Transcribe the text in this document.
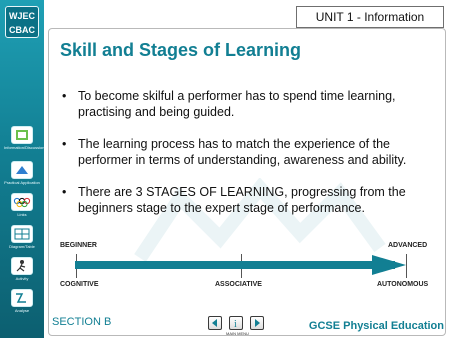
WJEC
CBAC
Information/Discussion
Practical Application
Links
Diagram/Table
Activity
Analyse
UNIT 1 - Information
Skill and Stages of Learning
• To become skilful a performer has to spend time learning, practising and being guided.
• The learning process has to match the experience of the performer in terms of understanding, awareness and ability.
• There are 3 STAGES OF LEARNING, progressing from the beginners stage to the expert stage of performance.
BEGINNER	ADVANCED
COGNITIVE	ASSOCIATIVE	AUTONOMOUS
SECTION B	i
MAIN MENU
GCSE Physical Education
